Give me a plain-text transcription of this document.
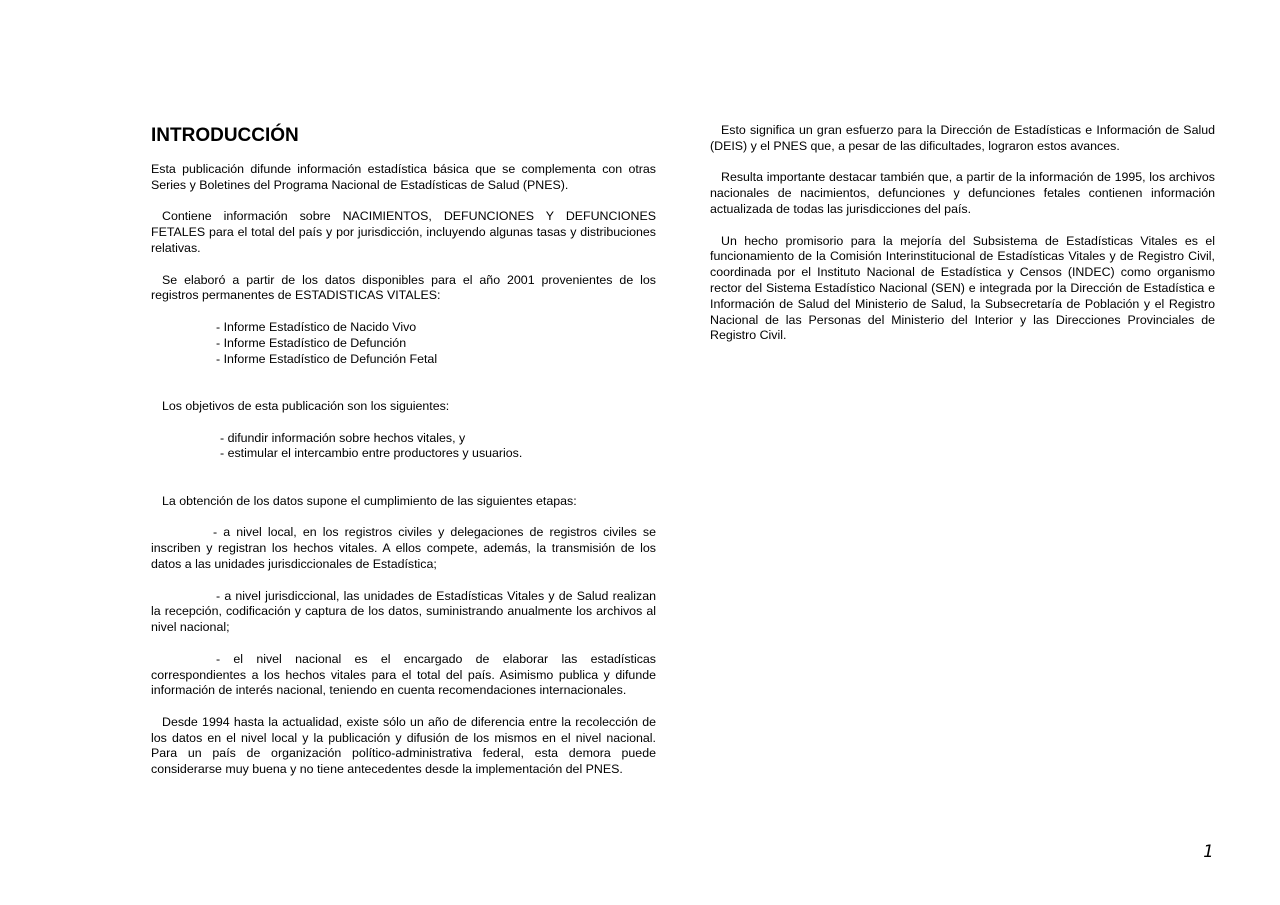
INTRODUCCIÓN

Esta publicación difunde información estadística básica que se complementa con otras Series y Boletines del Programa Nacional de Estadísticas de Salud (PNES).

Contiene información sobre NACIMIENTOS, DEFUNCIONES Y DEFUNCIONES FETALES para el total del país y por jurisdicción, incluyendo algunas tasas y distribuciones relativas.

Se elaboró a partir de los datos disponibles para el año 2001 provenientes de los registros permanentes de ESTADISTICAS VITALES:

- Informe Estadístico de Nacido Vivo

- Informe Estadístico de Defunción

- Informe Estadístico de Defunción Fetal

Los objetivos de esta publicación son los siguientes:

- difundir información sobre hechos vitales, y

- estimular el intercambio entre productores y usuarios.

La obtención de los datos supone el cumplimiento de las siguientes etapas:

- a nivel local, en los registros civiles y delegaciones de registros civiles se inscriben y registran los hechos vitales. A ellos compete, además, la transmisión de los datos a las unidades jurisdiccionales de Estadística;

- a nivel jurisdiccional, las unidades de Estadísticas Vitales y de Salud realizan la recepción, codificación y captura de los datos, suministrando anualmente los archivos al nivel nacional;

- el nivel nacional es el encargado de elaborar las estadísticas correspondientes a los hechos vitales para el total del país. Asimismo publica y difunde información de interés nacional, teniendo en cuenta recomendaciones internacionales.

Desde 1994 hasta la actualidad, existe sólo un año de diferencia entre la recolección de los datos en el nivel local y la publicación y difusión de los mismos en el nivel nacional. Para un país de organización político-administrativa federal, esta demora puede considerarse muy buena y no tiene antecedentes desde la implementación del PNES.

Esto significa un gran esfuerzo para la Dirección de Estadísticas e Información de Salud (DEIS) y el PNES que, a pesar de las dificultades, lograron estos avances.

Resulta importante destacar también que, a partir de la información de 1995, los archivos nacionales de nacimientos, defunciones y defunciones fetales contienen información actualizada de todas las jurisdicciones del país.

Un hecho promisorio para la mejoría del Subsistema de Estadísticas Vitales es el funcionamiento de la Comisión Interinstitucional de Estadísticas Vitales y de Registro Civil, coordinada por el Instituto Nacional de Estadística y Censos (INDEC) como organismo rector del Sistema Estadístico Nacional (SEN) e integrada por la Dirección de Estadística e Información de Salud del Ministerio de Salud, la Subsecretaría de Población y el Registro Nacional de las Personas del Ministerio del Interior y las Direcciones Provinciales de Registro Civil.

1
